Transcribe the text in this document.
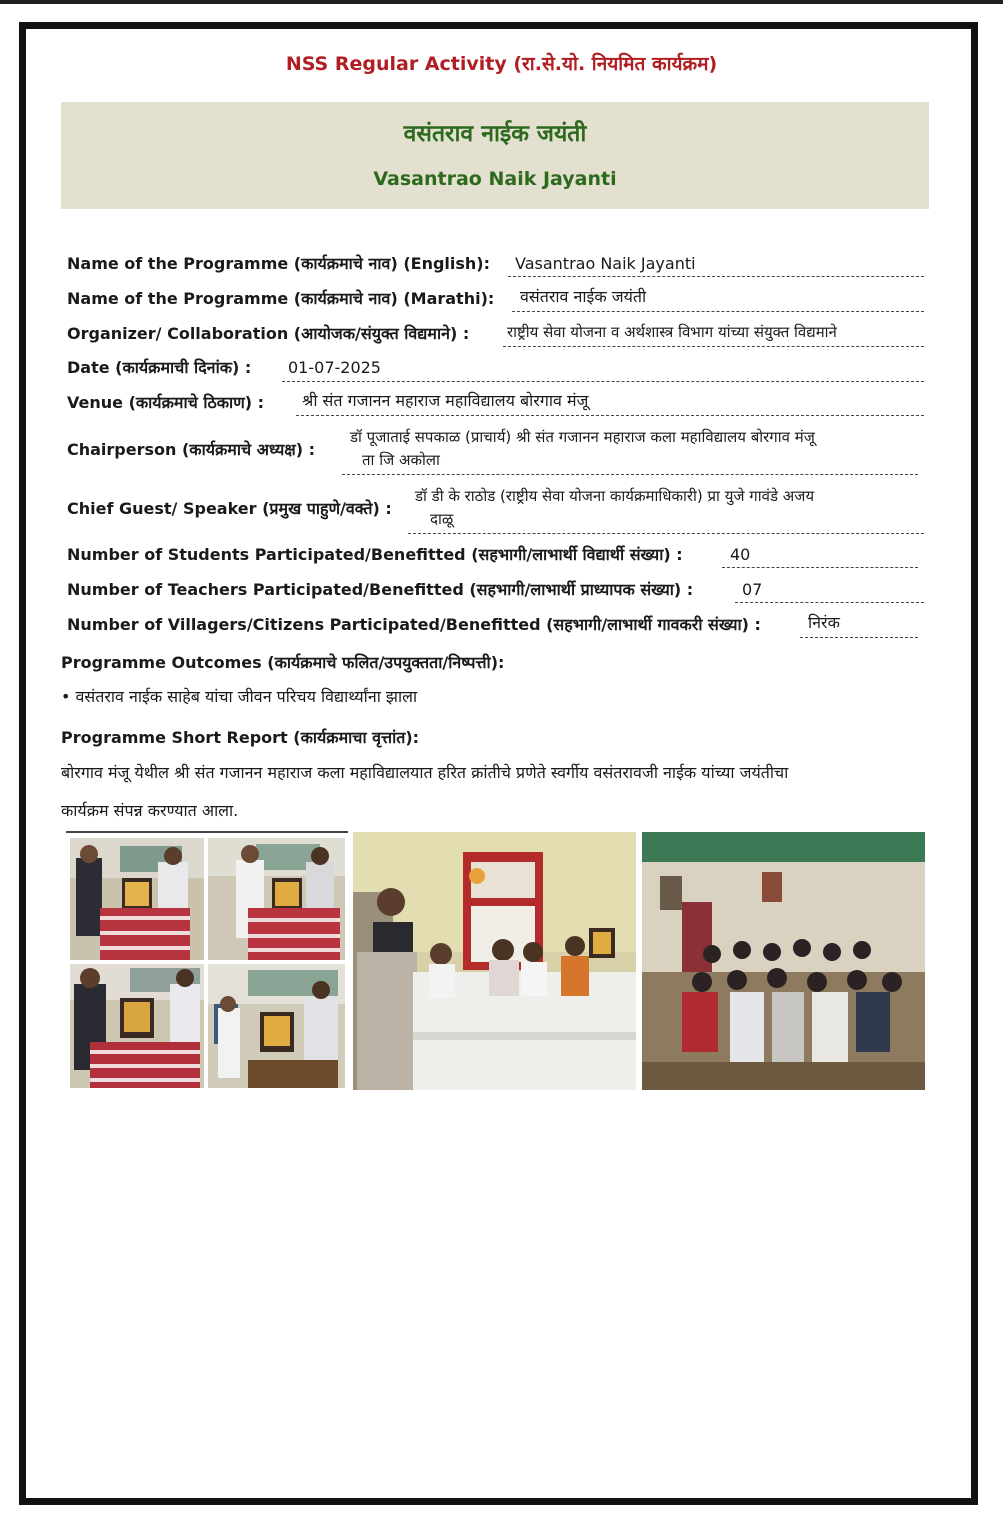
NSS Regular Activity (रा.से.यो. नियमित कार्यक्रम)
वसंतराव नाईक जयंती
Vasantrao Naik Jayanti
Name of the Programme (कार्यक्रमाचे नाव) (English): Vasantrao Naik Jayanti
Name of the Programme (कार्यक्रमाचे नाव) (Marathi): वसंतराव नाईक जयंती
Organizer/ Collaboration (आयोजक/संयुक्त विद्यमाने) :	राष्ट्रीय सेवा योजना व अर्थशास्त्र विभाग यांच्या संयुक्त विद्यमाने
Date (कार्यक्रमाची दिनांक) : 01-07-2025
Venue (कार्यक्रमाचे ठिकाण) : श्री संत गजानन महाराज महाविद्यालय बोरगाव मंजू
Chairperson (कार्यक्रमाचे अध्यक्ष) :
डॉ पूजाताई सपकाळ (प्राचार्य) श्री संत गजानन महाराज कला महाविद्यालय बोरगाव मंजू
ता जि अकोला
Chief Guest/ Speaker (प्रमुख पाहुणे/वक्ते) :
डॉ डी के राठोड (राष्ट्रीय सेवा योजना कार्यक्रमाधिकारी) प्रा युजे गावंडे अजय
दाळू
Number of Students Participated/Benefitted (सहभागी/लाभार्थी विद्यार्थी संख्या) :	40
Number of Teachers Participated/Benefitted (सहभागी/लाभार्थी प्राध्यापक संख्या) :	07
Number of Villagers/Citizens Participated/Benefitted (सहभागी/लाभार्थी गावकरी संख्या) :	निरंक
Programme Outcomes (कार्यक्रमाचे फलित/उपयुक्तता/निष्पत्ती):
• वसंतराव नाईक साहेब यांचा जीवन परिचय विद्यार्थ्यांना झाला
Programme Short Report (कार्यक्रमाचा वृत्तांत):
बोरगाव मंजू येथील श्री संत गजानन महाराज कला महाविद्यालयात हरित क्रांतीचे प्रणेते स्वर्गीय वसंतरावजी नाईक यांच्या जयंतीचा
कार्यक्रम संपन्न करण्यात आला.
